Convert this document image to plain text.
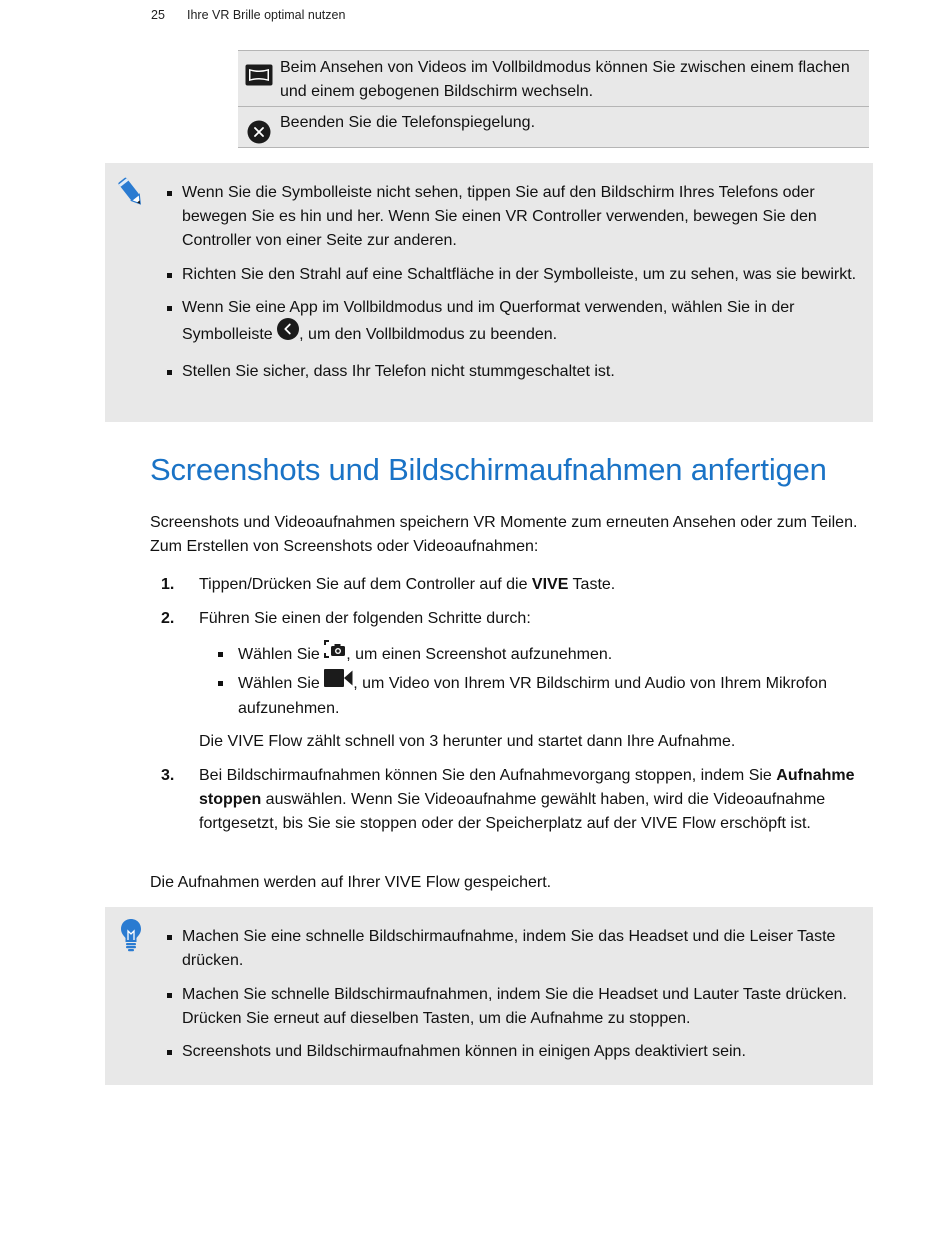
25 Ihre VR Brille optimal nutzen
Beim Ansehen von Videos im Vollbildmodus können Sie zwischen einem flachen und einem gebogenen Bildschirm wechseln.
Beenden Sie die Telefonspiegelung.
Wenn Sie die Symbolleiste nicht sehen, tippen Sie auf den Bildschirm Ihres Telefons oder bewegen Sie es hin und her. Wenn Sie einen VR Controller verwenden, bewegen Sie den Controller von einer Seite zur anderen.
Richten Sie den Strahl auf eine Schaltfläche in der Symbolleiste, um zu sehen, was sie bewirkt.
Wenn Sie eine App im Vollbildmodus und im Querformat verwenden, wählen Sie in der Symbolleiste , um den Vollbildmodus zu beenden.
Stellen Sie sicher, dass Ihr Telefon nicht stummgeschaltet ist.
Screenshots und Bildschirmaufnahmen anfertigen

Screenshots und Videoaufnahmen speichern VR Momente zum erneuten Ansehen oder zum Teilen. Zum Erstellen von Screenshots oder Videoaufnahmen:

1. Tippen/Drücken Sie auf dem Controller auf die VIVE Taste.
2. Führen Sie einen der folgenden Schritte durch:
Wählen Sie , um einen Screenshot aufzunehmen.
Wählen Sie , um Video von Ihrem VR Bildschirm und Audio von Ihrem Mikrofon aufzunehmen.
Die VIVE Flow zählt schnell von 3 herunter und startet dann Ihre Aufnahme.
3. Bei Bildschirmaufnahmen können Sie den Aufnahmevorgang stoppen, indem Sie Aufnahme stoppen auswählen. Wenn Sie Videoaufnahme gewählt haben, wird die Videoaufnahme fortgesetzt, bis Sie sie stoppen oder der Speicherplatz auf der VIVE Flow erschöpft ist.

Die Aufnahmen werden auf Ihrer VIVE Flow gespeichert.

Machen Sie eine schnelle Bildschirmaufnahme, indem Sie das Headset und die Leiser Taste drücken.
Machen Sie schnelle Bildschirmaufnahmen, indem Sie die Headset und Lauter Taste drücken. Drücken Sie erneut auf dieselben Tasten, um die Aufnahme zu stoppen.
Screenshots und Bildschirmaufnahmen können in einigen Apps deaktiviert sein.
